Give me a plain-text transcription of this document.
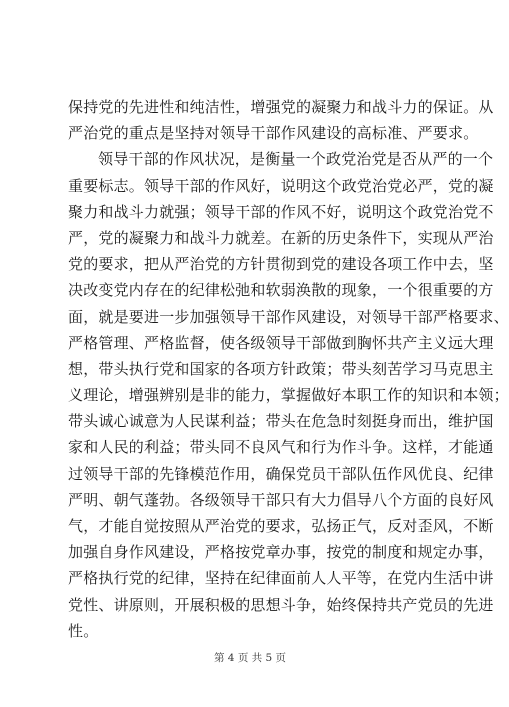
保持党的先进性和纯洁性，增强党的凝聚力和战斗力的保证。从
严治党的重点是坚持对领导干部作风建设的高标准、严要求。
领导干部的作风状况，是衡量一个政党治党是否从严的一个
重要标志。领导干部的作风好，说明这个政党治党必严，党的凝
聚力和战斗力就强；领导干部的作风不好，说明这个政党治党不
严，党的凝聚力和战斗力就差。在新的历史条件下，实现从严治
党的要求，把从严治党的方针贯彻到党的建设各项工作中去，坚
决改变党内存在的纪律松弛和软弱涣散的现象，一个很重要的方
面，就是要进一步加强领导干部作风建设，对领导干部严格要求、
严格管理、严格监督，使各级领导干部做到胸怀共产主义远大理
想，带头执行党和国家的各项方针政策；带头刻苦学习马克思主
义理论，增强辨别是非的能力，掌握做好本职工作的知识和本领；
带头诚心诚意为人民谋利益；带头在危急时刻挺身而出，维护国
家和人民的利益；带头同不良风气和行为作斗争。这样，才能通
过领导干部的先锋模范作用，确保党员干部队伍作风优良、纪律
严明、朝气蓬勃。各级领导干部只有大力倡导八个方面的良好风
气，才能自觉按照从严治党的要求，弘扬正气，反对歪风，不断
加强自身作风建设，严格按党章办事，按党的制度和规定办事，
严格执行党的纪律，坚持在纪律面前人人平等，在党内生活中讲
党性、讲原则，开展积极的思想斗争，始终保持共产党员的先进
性。
第 4 页 共 5 页
